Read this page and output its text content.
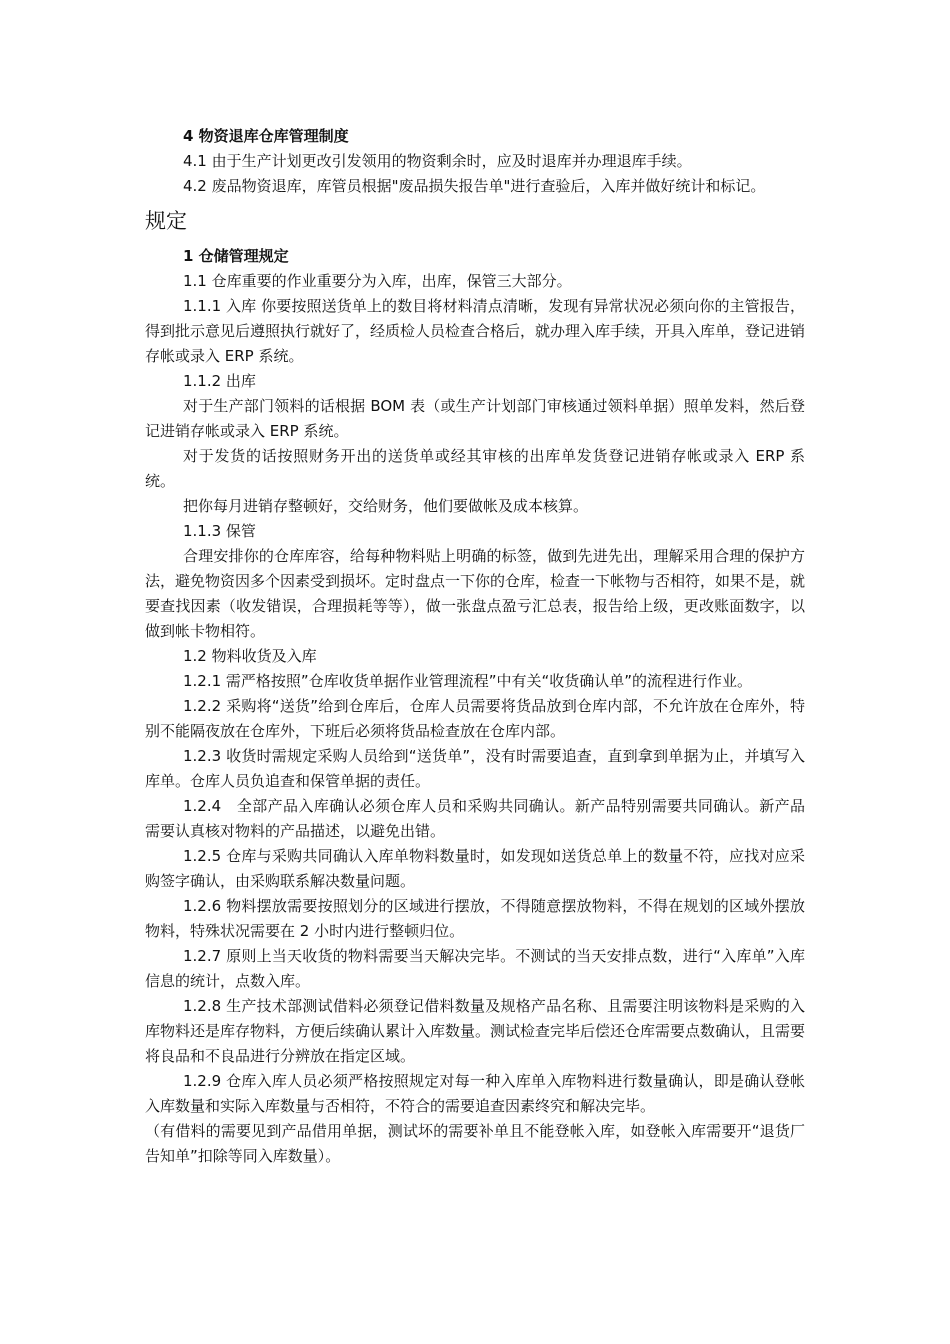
4 物资退库仓库管理制度

4.1 由于生产计划更改引发领用的物资剩余时，应及时退库并办理退库手续。

4.2 废品物资退库，库管员根据"废品损失报告单"进行查验后，入库并做好统计和标记。

规定

1 仓储管理规定

1.1 仓库重要的作业重要分为入库，出库，保管三大部分。

1.1.1 入库 你要按照送货单上的数目将材料清点清晰，发现有异常状况必须向你的主管报告，得到批示意见后遵照执行就好了，经质检人员检查合格后，就办理入库手续，开具入库单，登记进销存帐或录入 ERP 系统。

1.1.2 出库

对于生产部门领料的话根据 BOM 表（或生产计划部门审核通过领料单据）照单发料，然后登记进销存帐或录入 ERP 系统。

对于发货的话按照财务开出的送货单或经其审核的出库单发货登记进销存帐或录入 ERP 系统。

把你每月进销存整顿好，交给财务，他们要做帐及成本核算。

1.1.3 保管

合理安排你的仓库库容，给每种物料贴上明确的标签，做到先进先出，理解采用合理的保护方法，避免物资因多个因素受到损坏。定时盘点一下你的仓库，检查一下帐物与否相符，如果不是，就要查找因素（收发错误，合理损耗等等），做一张盘点盈亏汇总表，报告给上级，更改账面数字，以做到帐卡物相符。

1.2 物料收货及入库

1.2.1 需严格按照”仓库收货单据作业管理流程”中有关“收货确认单”的流程进行作业。

1.2.2 采购将“送货”给到仓库后，仓库人员需要将货品放到仓库内部，不允许放在仓库外，特别不能隔夜放在仓库外，下班后必须将货品检查放在仓库内部。

1.2.3 收货时需规定采购人员给到“送货单”，没有时需要追查，直到拿到单据为止，并填写入库单。仓库人员负追查和保管单据的责任。

1.2.4　全部产品入库确认必须仓库人员和采购共同确认。新产品特别需要共同确认。新产品需要认真核对物料的产品描述，以避免出错。

1.2.5 仓库与采购共同确认入库单物料数量时，如发现如送货总单上的数量不符，应找对应采购签字确认，由采购联系解决数量问题。

1.2.6 物料摆放需要按照划分的区域进行摆放，不得随意摆放物料，不得在规划的区域外摆放物料，特殊状况需要在 2 小时内进行整顿归位。

1.2.7 原则上当天收货的物料需要当天解决完毕。不测试的当天安排点数，进行“入库单”入库信息的统计，点数入库。

1.2.8 生产技术部测试借料必须登记借料数量及规格产品名称、且需要注明该物料是采购的入库物料还是库存物料，方便后续确认累计入库数量。测试检查完毕后偿还仓库需要点数确认，且需要将良品和不良品进行分辨放在指定区域。

1.2.9 仓库入库人员必须严格按照规定对每一种入库单入库物料进行数量确认，即是确认登帐入库数量和实际入库数量与否相符，不符合的需要追查因素终究和解决完毕。

（有借料的需要见到产品借用单据，测试坏的需要补单且不能登帐入库，如登帐入库需要开“退货厂告知单”扣除等同入库数量）。
